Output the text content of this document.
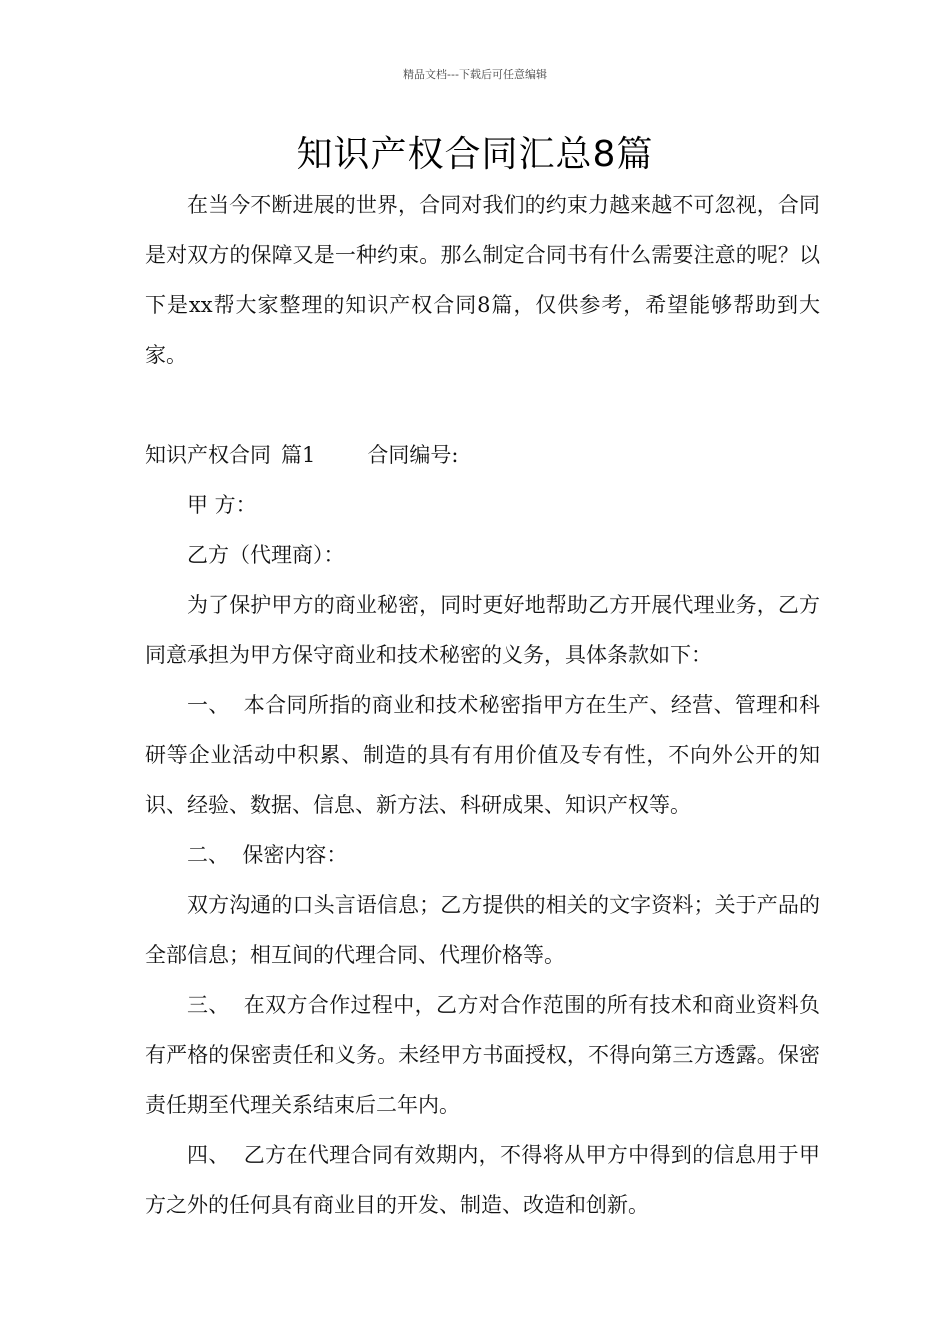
精品文档---下载后可任意编辑
知识产权合同汇总8篇

在当今不断进展的世界，合同对我们的约束力越来越不可忽视，合同是对双方的保障又是一种约束。那么制定合同书有什么需要注意的呢？以下是xx帮大家整理的知识产权合同8篇，仅供参考，希望能够帮助到大家。

知识产权合同 篇1 合同编号:

甲 方：

乙方（代理商）：

为了保护甲方的商业秘密，同时更好地帮助乙方开展代理业务，乙方同意承担为甲方保守商业和技术秘密的义务，具体条款如下：

一、  本合同所指的商业和技术秘密指甲方在生产、经营、管理和科研等企业活动中积累、制造的具有有用价值及专有性，不向外公开的知识、经验、数据、信息、新方法、科研成果、知识产权等。

二、  保密内容：

双方沟通的口头言语信息；乙方提供的相关的文字资料；关于产品的全部信息；相互间的代理合同、代理价格等。

三、  在双方合作过程中，乙方对合作范围的所有技术和商业资料负有严格的保密责任和义务。未经甲方书面授权，不得向第三方透露。保密责任期至代理关系结束后二年内。

四、  乙方在代理合同有效期内，不得将从甲方中得到的信息用于甲方之外的任何具有商业目的开发、制造、改造和创新。
